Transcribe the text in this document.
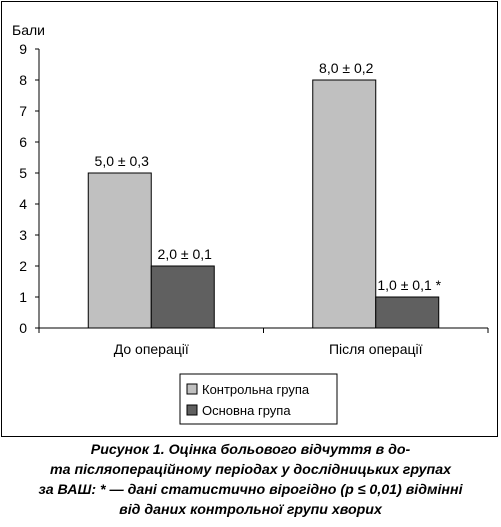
Бали
0
1
2
3
4
5
6
7
8
9
До операції
5,0 ± 0,3
2,0 ± 0,1
Після операції
8,0 ± 0,2
1,0 ± 0,1 *
Контрольна група
Основна група
Рисунок 1. Оцінка больового відчуття в до-
та післяопераційному періодах у дослідницьких групах
за ВАШ: * — дані статистично вірогідно (p ≤ 0,01) відмінні
від даних контрольної групи хворих
